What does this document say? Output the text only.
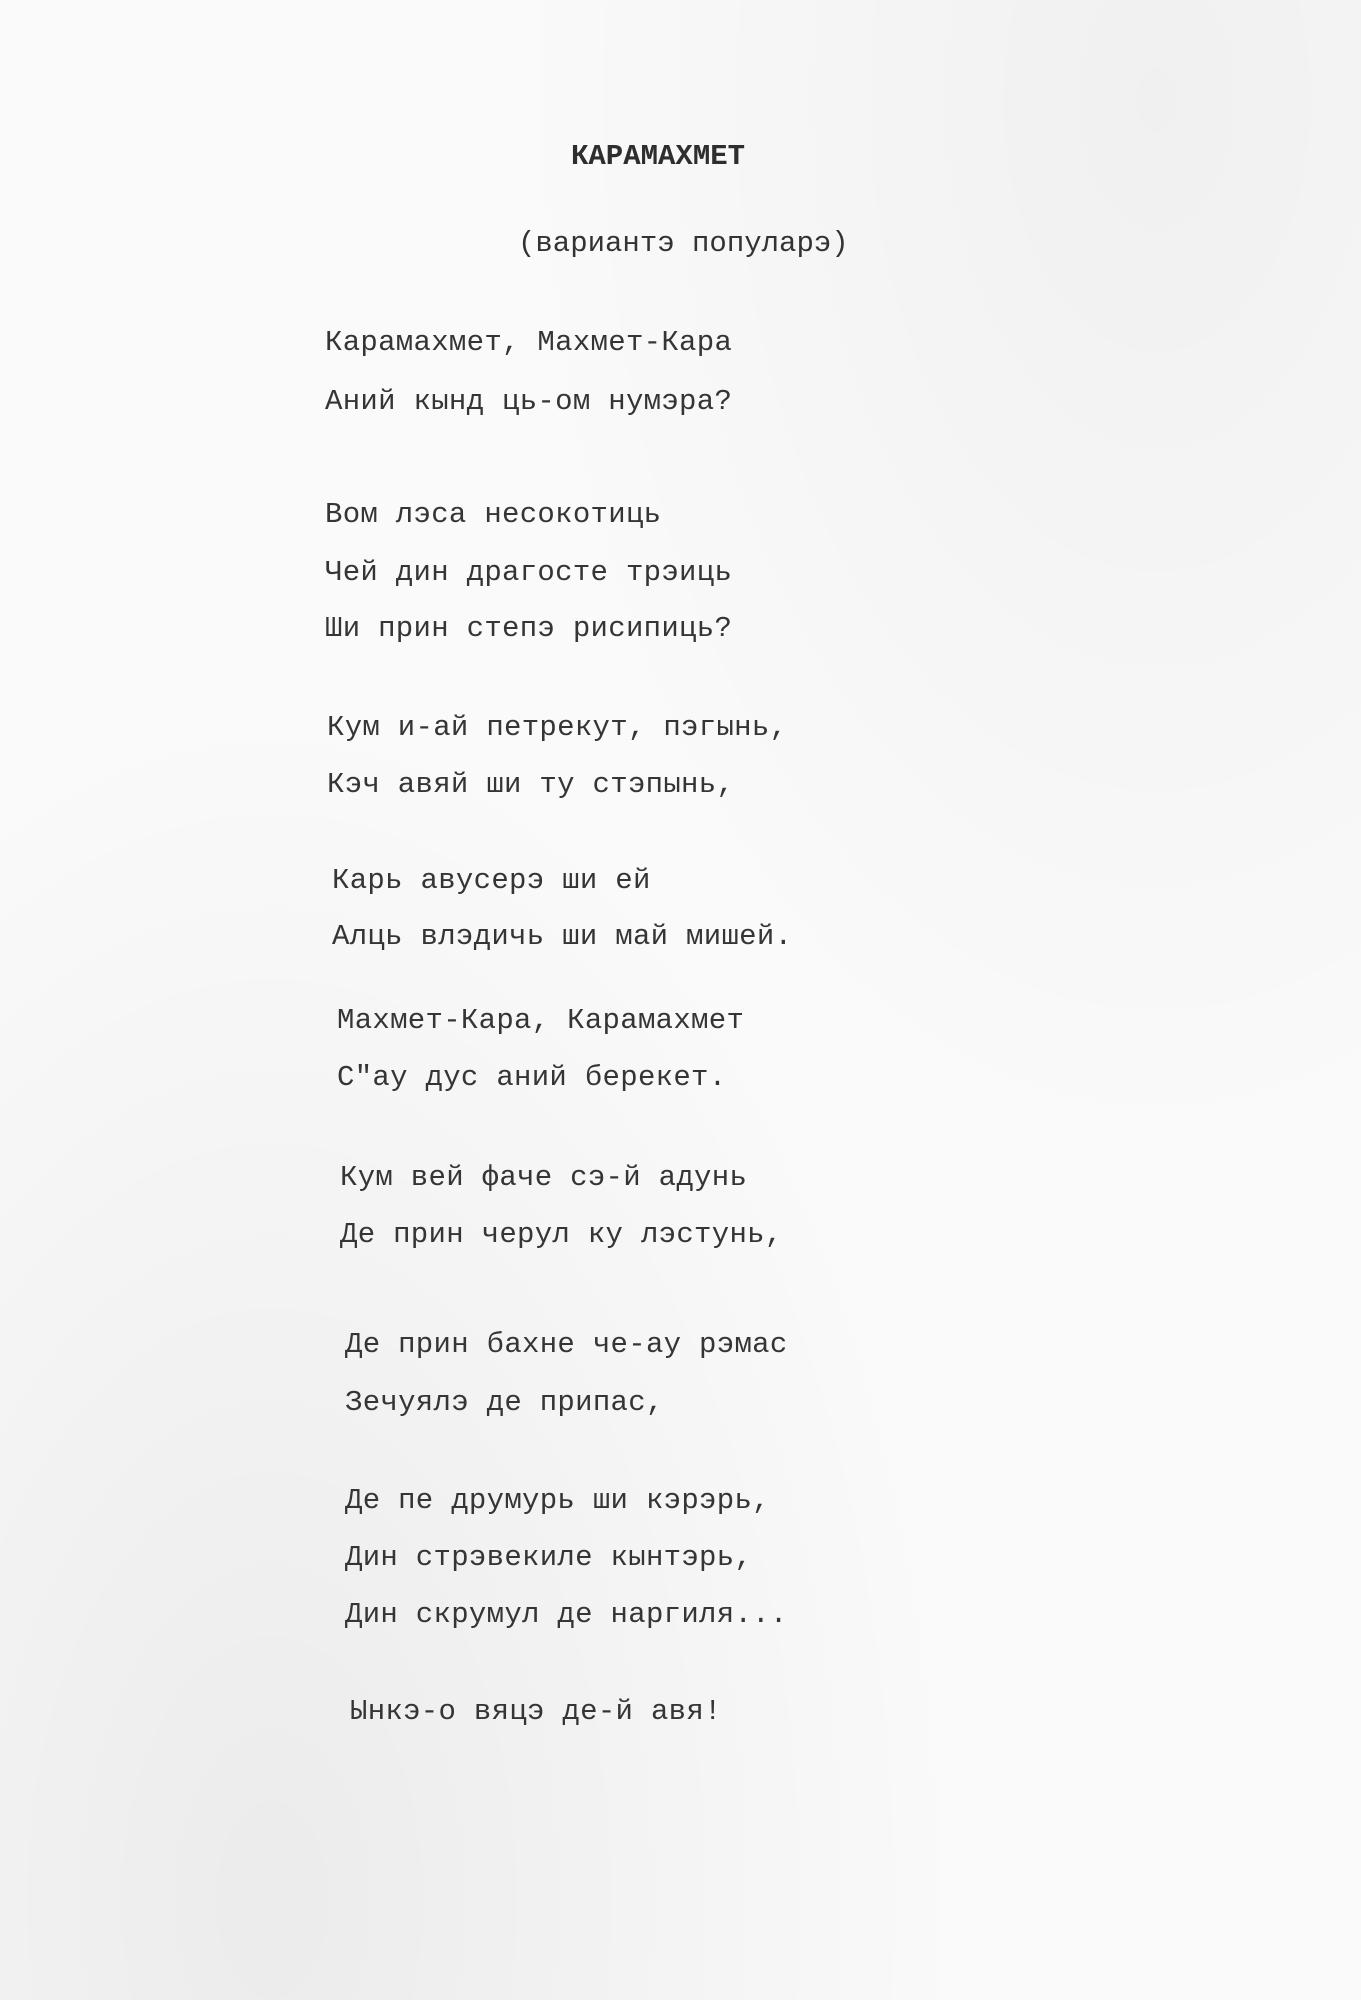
КАРАМАХМЕТ
(вариантэ популарэ)
Карамахмет, Махмет-Кара
Аний кынд ць-ом нумэра?
Вом лэса несокотиць
Чей дин драгосте трэиць
Ши прин степэ рисипиць?
Кум и-ай петрекут, пэгынь,
Кэч авяй ши ту стэпынь,
Карь авусерэ ши ей
Алць влэдичь ши май мишей.
Махмет-Кара, Карамахмет
С"ау дус аний берекет.
Кум вей фаче сэ-й адунь
Де прин черул ку лэстунь,
Де прин бахне че-ау рэмас
Зечуялэ де припас,
Де пе друмурь ши кэрэрь,
Дин стрэвекиле кынтэрь,
Дин скрумул де наргиля...
Ынкэ-о вяцэ де-й авя!
